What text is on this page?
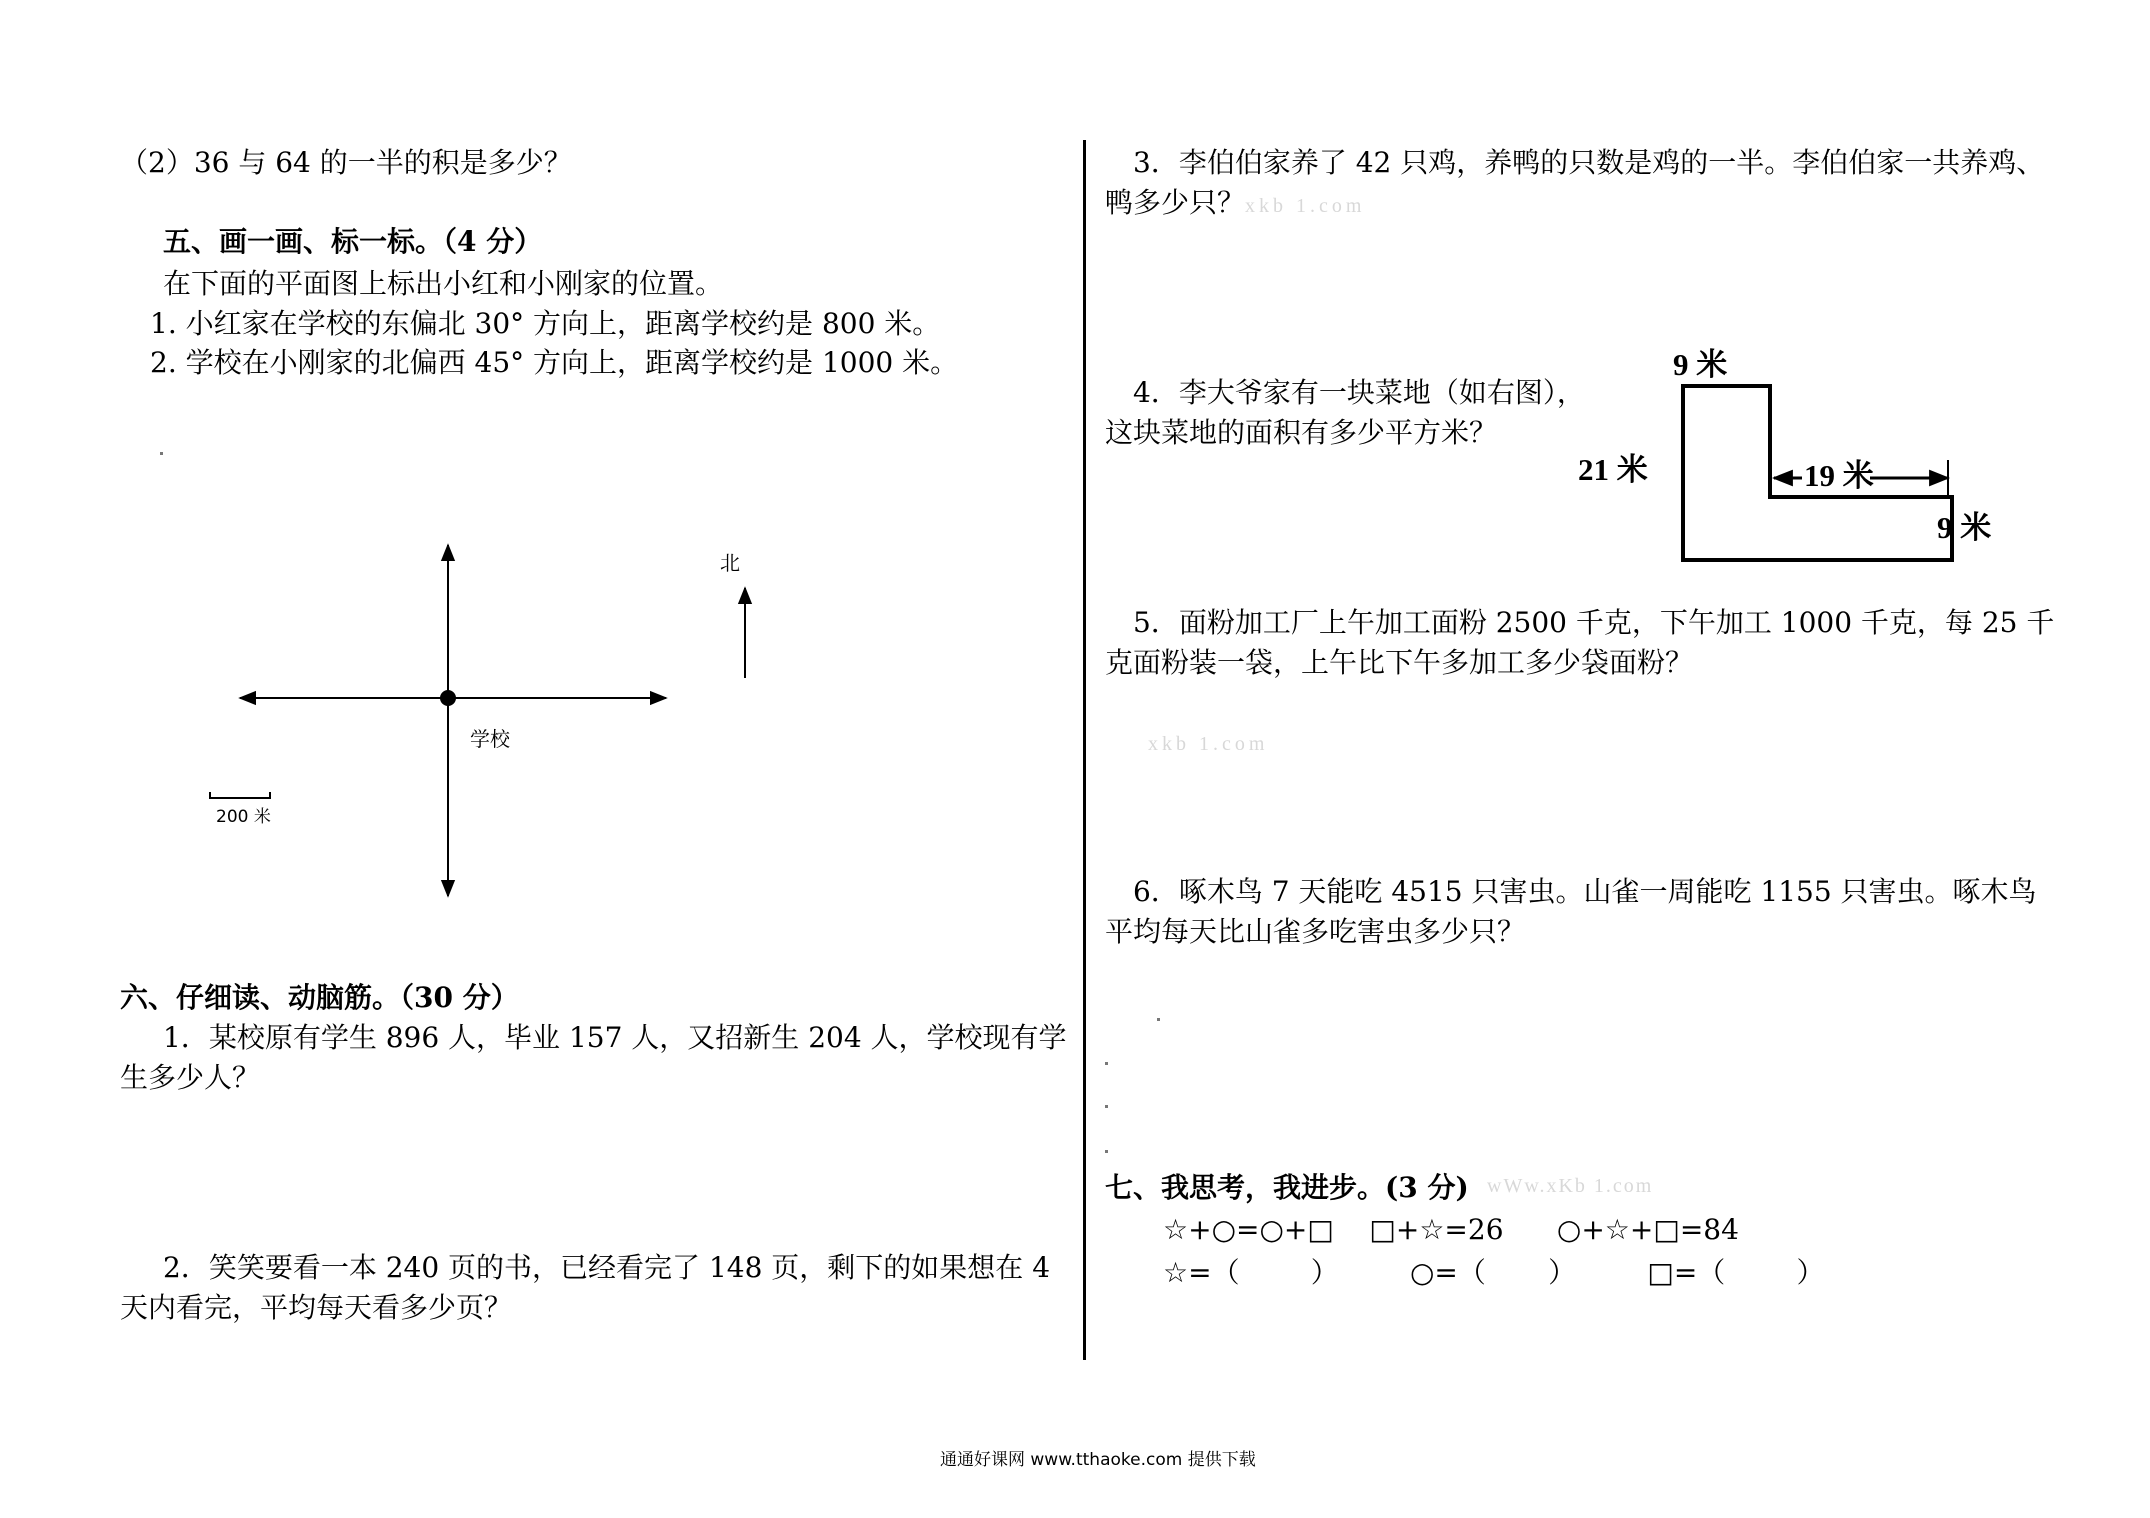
（2）36 与 64 的一半的积是多少？
五、画一画、标一标。（4 分）
在下面的平面图上标出小红和小刚家的位置。
1. 小红家在学校的东偏北 30° 方向上，距离学校约是 800 米。
2. 学校在小刚家的北偏西 45° 方向上，距离学校约是 1000 米。
北
学校
200 米
六、仔细读、动脑筋。（30 分）
1．某校原有学生 896 人，毕业 157 人，又招新生 204 人，学校现有学
生多少人？
2．笑笑要看一本 240 页的书，已经看完了 148 页，剩下的如果想在 4
天内看完，平均每天看多少页？
3．李伯伯家养了 42 只鸡，养鸭的只数是鸡的一半。李伯伯家一共养鸡、
鸭多少只？ xkb 1.com
4．李大爷家有一块菜地（如右图），
这块菜地的面积有多少平方米？
9 米
21 米	19 米
9 米
5．面粉加工厂上午加工面粉 2500 千克，下午加工 1000 千克，每 25 千
克面粉装一袋，上午比下午多加工多少袋面粉？
xkb 1.com
6．啄木鸟 7 天能吃 4515 只害虫。山雀一周能吃 1155 只害虫。啄木鸟
平均每天比山雀多吃害虫多少只？
七、我思考，我进步。(3 分) wWw.xKb 1.com
☆+○=○+□    □+☆=26      ○+☆+□=84
☆=（        ）        ○=（       ）        □=（        ）
通通好课网 www.tthaoke.com 提供下载
